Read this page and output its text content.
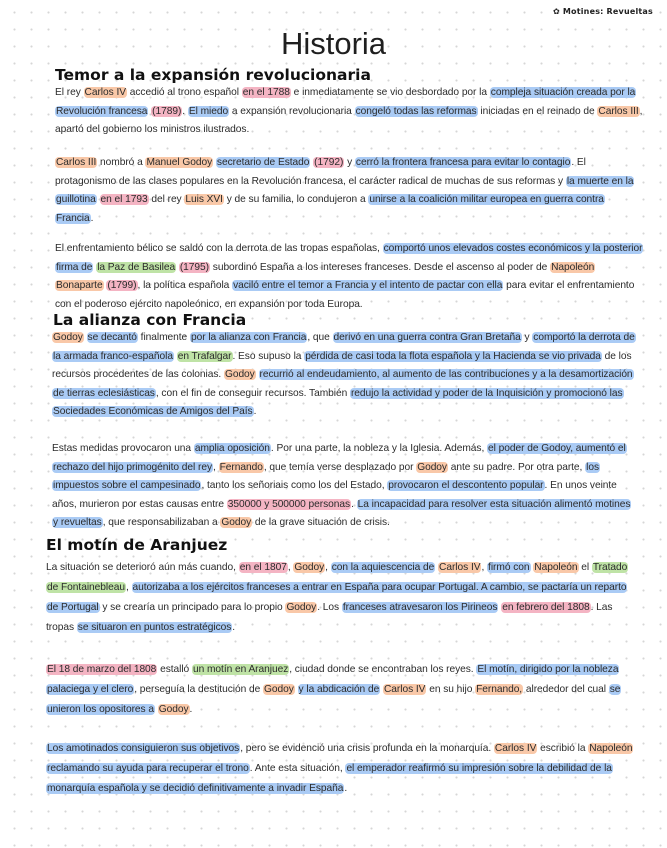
✿ Motines: Revueltas
Historia
Temor a la expansión revolucionaria

El rey Carlos IV accedió al trono español en el 1788 e inmediatamente se vio desbordado por la compleja situación creada por la Revolución francesa (1789). El miedo a expansión revolucionaria congeló todas las reformas iniciadas en el reinado de Carlos III, apartó del gobierno los ministros ilustrados.

Carlos III nombró a Manuel Godoy secretario de Estado (1792) y cerró la frontera francesa para evitar lo contagio. El protagonismo de las clases populares en la Revolución francesa, el carácter radical de muchas de sus reformas y la muerte en la guillotina en el 1793 del rey Luis XVI y de su familia, lo condujeron a unirse a la coalición militar europea en guerra contra Francia.

El enfrentamiento bélico se saldó con la derrota de las tropas españolas, comportó unos elevados costes económicos y la posterior firma de la Paz de Basilea (1795) subordinó España a los intereses franceses. Desde el ascenso al poder de Napoleón Bonaparte (1799), la política española vaciló entre el temor a Francia y el intento de pactar con ella para evitar el enfrentamiento con el poderoso ejército napoleónico, en expansión por toda Europa.

La alianza con Francia

Godoy se decantó finalmente por la alianza con Francia, que derivó en una guerra contra Gran Bretaña y comportó la derrota de la armada franco-española en Trafalgar. Eso supuso la pérdida de casi toda la flota española y la Hacienda se vio privada de los recursos procedentes de las colonias. Godoy recurrió al endeudamiento, al aumento de las contribuciones y a la desamortización de tierras eclesiásticas, con el fin de conseguir recursos. También redujo la actividad y poder de la Inquisición y promocionó las Sociedades Económicas de Amigos del País.

Estas medidas provocaron una amplia oposición. Por una parte, la nobleza y la Iglesia. Además, el poder de Godoy, aumentó el rechazo del hijo primogénito del rey, Fernando, que temía verse desplazado por Godoy ante su padre. Por otra parte, los impuestos sobre el campesinado, tanto los señoriais como los del Estado, provocaron el descontento popular. En unos veinte años, murieron por estas causas entre 350000 y 500000 personas. La incapacidad para resolver esta situación alimentó motines y revueltas, que responsabilizaban a Godoy de la grave situación de crisis.

El motín de Aranjuez

La situación se deterioró aún más cuando, en el 1807, Godoy, con la aquiescencia de Carlos IV, firmó con Napoleón el Tratado de Fontainebleau, autorizaba a los ejércitos franceses a entrar en España para ocupar Portugal. A cambio, se pactaría un reparto de Portugal y se crearía un principado para lo propio Godoy. Los franceses atravesaron los Pirineos en febrero del 1808. Las tropas se situaron en puntos estratégicos.

El 18 de marzo del 1808 estalló un motín en Aranjuez, ciudad donde se encontraban los reyes. El motín, dirigido por la nobleza palaciega y el clero, perseguía la destitución de Godoy y la abdicación de Carlos IV en su hijo Fernando, alrededor del cual se unieron los opositores a Godoy.

Los amotinados consiguieron sus objetivos, pero se evidenció una crisis profunda en la monarquía. Carlos IV escribió la Napoleón reclamando su ayuda para recuperar el trono. Ante esta situación, el emperador reafirmó su impresión sobre la debilidad de la monarquía española y se decidió definitivamente a invadir España.
